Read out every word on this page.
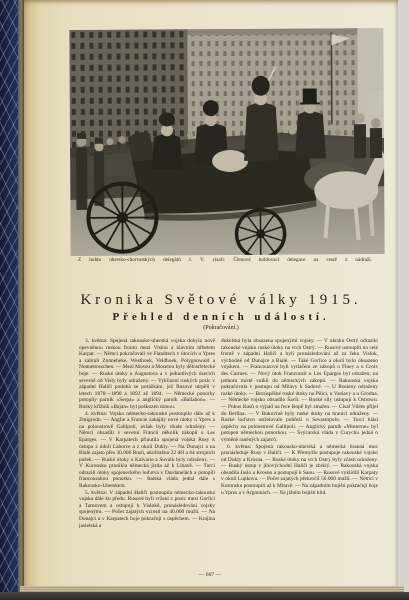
Z holdu uhersko-chorvatských delegátů J. V. císaři: Členové holdovací delegace na cestě z nádraží.
Kronika Světové války 1915.
Přehled denních událostí.
(Pokračování.)

3. května: Spojená rakousko-uherská vojska dobyla nově opevněnou ruskou frontu mezi Vislou a hlavním hřbetem Karpat. — Němci pokračovali ve Flandrech v útocích u Ypres a zabrali Zonnebeke, Westhoek, Veldhoek, Polygonwald a Nonnebosschen. — Mezi Mosou a Moselou byly dělostřelecké boje. — Ruské útoky u Augustova a v jednotlivých úsecích severně od Visly byly odraženy. — Vyklizení ruských posic v západní Haliči podobá se porážkám, jež Rusové utrpěli v letech 1878—1890 a 1892 až 1894. — Německé ponorky potopily parník »Serpa« a anglický parník »Ballabon«. — Ruský křižník »Bajan« byl poškozen minou.

4. května: Vojsko německo-rakouské postoupilo dále až k Zmigrodu. — Anglie a Francie zahájily nové útoky u Ypres a na poloostrově Gallipoli, avšak byly všude odraženy. — Němci obsadili v severní Francii několik zákopů u Les Eparges. — V Karpatech přinutila spojená vojska Rusy k ústupu z údolí Laborce a z okolí Dukly. — Na Dunajci a na Bialé zajato přes 30.000 Rusů, ukořistěno 22 děl a 64 strojních pušek. — Ruské útoky u Kalvarie a Suvalk byly odraženy. — V Kuronsku pronikla německá jízda až k Libavě. — Turci odrazili útoky spojeneckého loďstva v Dardanelách a potopili francouzskou ponorku. — Italská vláda jedná dále s Rakousko-Uherskem.

5. května: V západní Haliči postoupila německo-rakouská vojska dále ku předu. Rusové byli vrženi z posic mezi Gorlicí a Tarnovem a ustupují k Vislokě, pronásledováni vojsky spojenými. — Počet zajatých vzrostl na 40.000 mužů. — Na Dunajci a v Karpatech boje pokračují s úspěchem. — Krajina jasielská a

dukelská byla obsazena spojenými vojsky. — V okrsku Ostrý odrazilo rakouské vojsko ruské útoky na vrch Ostrý. — Rusové ustoupili na celé frontě v západní Haliči a byli pronásledováni až za řeku Vislok, východně od Dunajce a Bialé. — Také Gorlice a okolí bylo obsazeno vojskem. — Francouzové byli vytlačeni ze zákopů u Fluey a u Croix des Carmes. — Nový útok Francouzů u Les Eparges byl odražen; na jednom místě vnikli do německých zákopů. — Rakouská vojska pokračovala v postupu od Milavy k Sadové. — U Rosieny odraženy ruské útoky. — Bezúspěšné ruské útoky na Pilici, u Varšavy a u Grodna. — Německé vojsko obsadilo Šavli. — Ruské síly ustupují k Ostrowu. — Pokus Rusů o výpad na řece Ropě byl zmařen. — Císař Vilém přijel do Berlína. — V Bukovině byly ruské útoky na hranici odraženy. — Ruské loďstvo ostřelovalo pobřeží u Sevastopolu. — Turci hlásí úspěchy na poloostrově Gallipoli. — Anglický parník »Minterne« byl potopen německou ponorkou. — Švýcarská vláda v Curychu jedná o výměně raněných zajatců.

6. května: Spojená rakousko-uherská a německá branná moc pronásleduje Rusy v Haliči. — K Přemyšlu postupuje rakouské vojsko od Dukly a Krosna. — Ruské útoky na vrch Ostrý byly zčásti odraženy. — Ruský ústup v jihovýchodní Haliči je zbrklý. — Rakouská vojska obsadila Jaslo a Krosno a postupují k Sanu. — Rusové vyklidili Karpaty v okolí Lupkova. — Počet zajatých překročil 50.000 mužů. — Němci v Kuronsku postoupili až k Mitavě. — Na západním bojišti pokračují boje u Ypres a v Argonnách. — Na jižním bojišti klid.

— 607 —
